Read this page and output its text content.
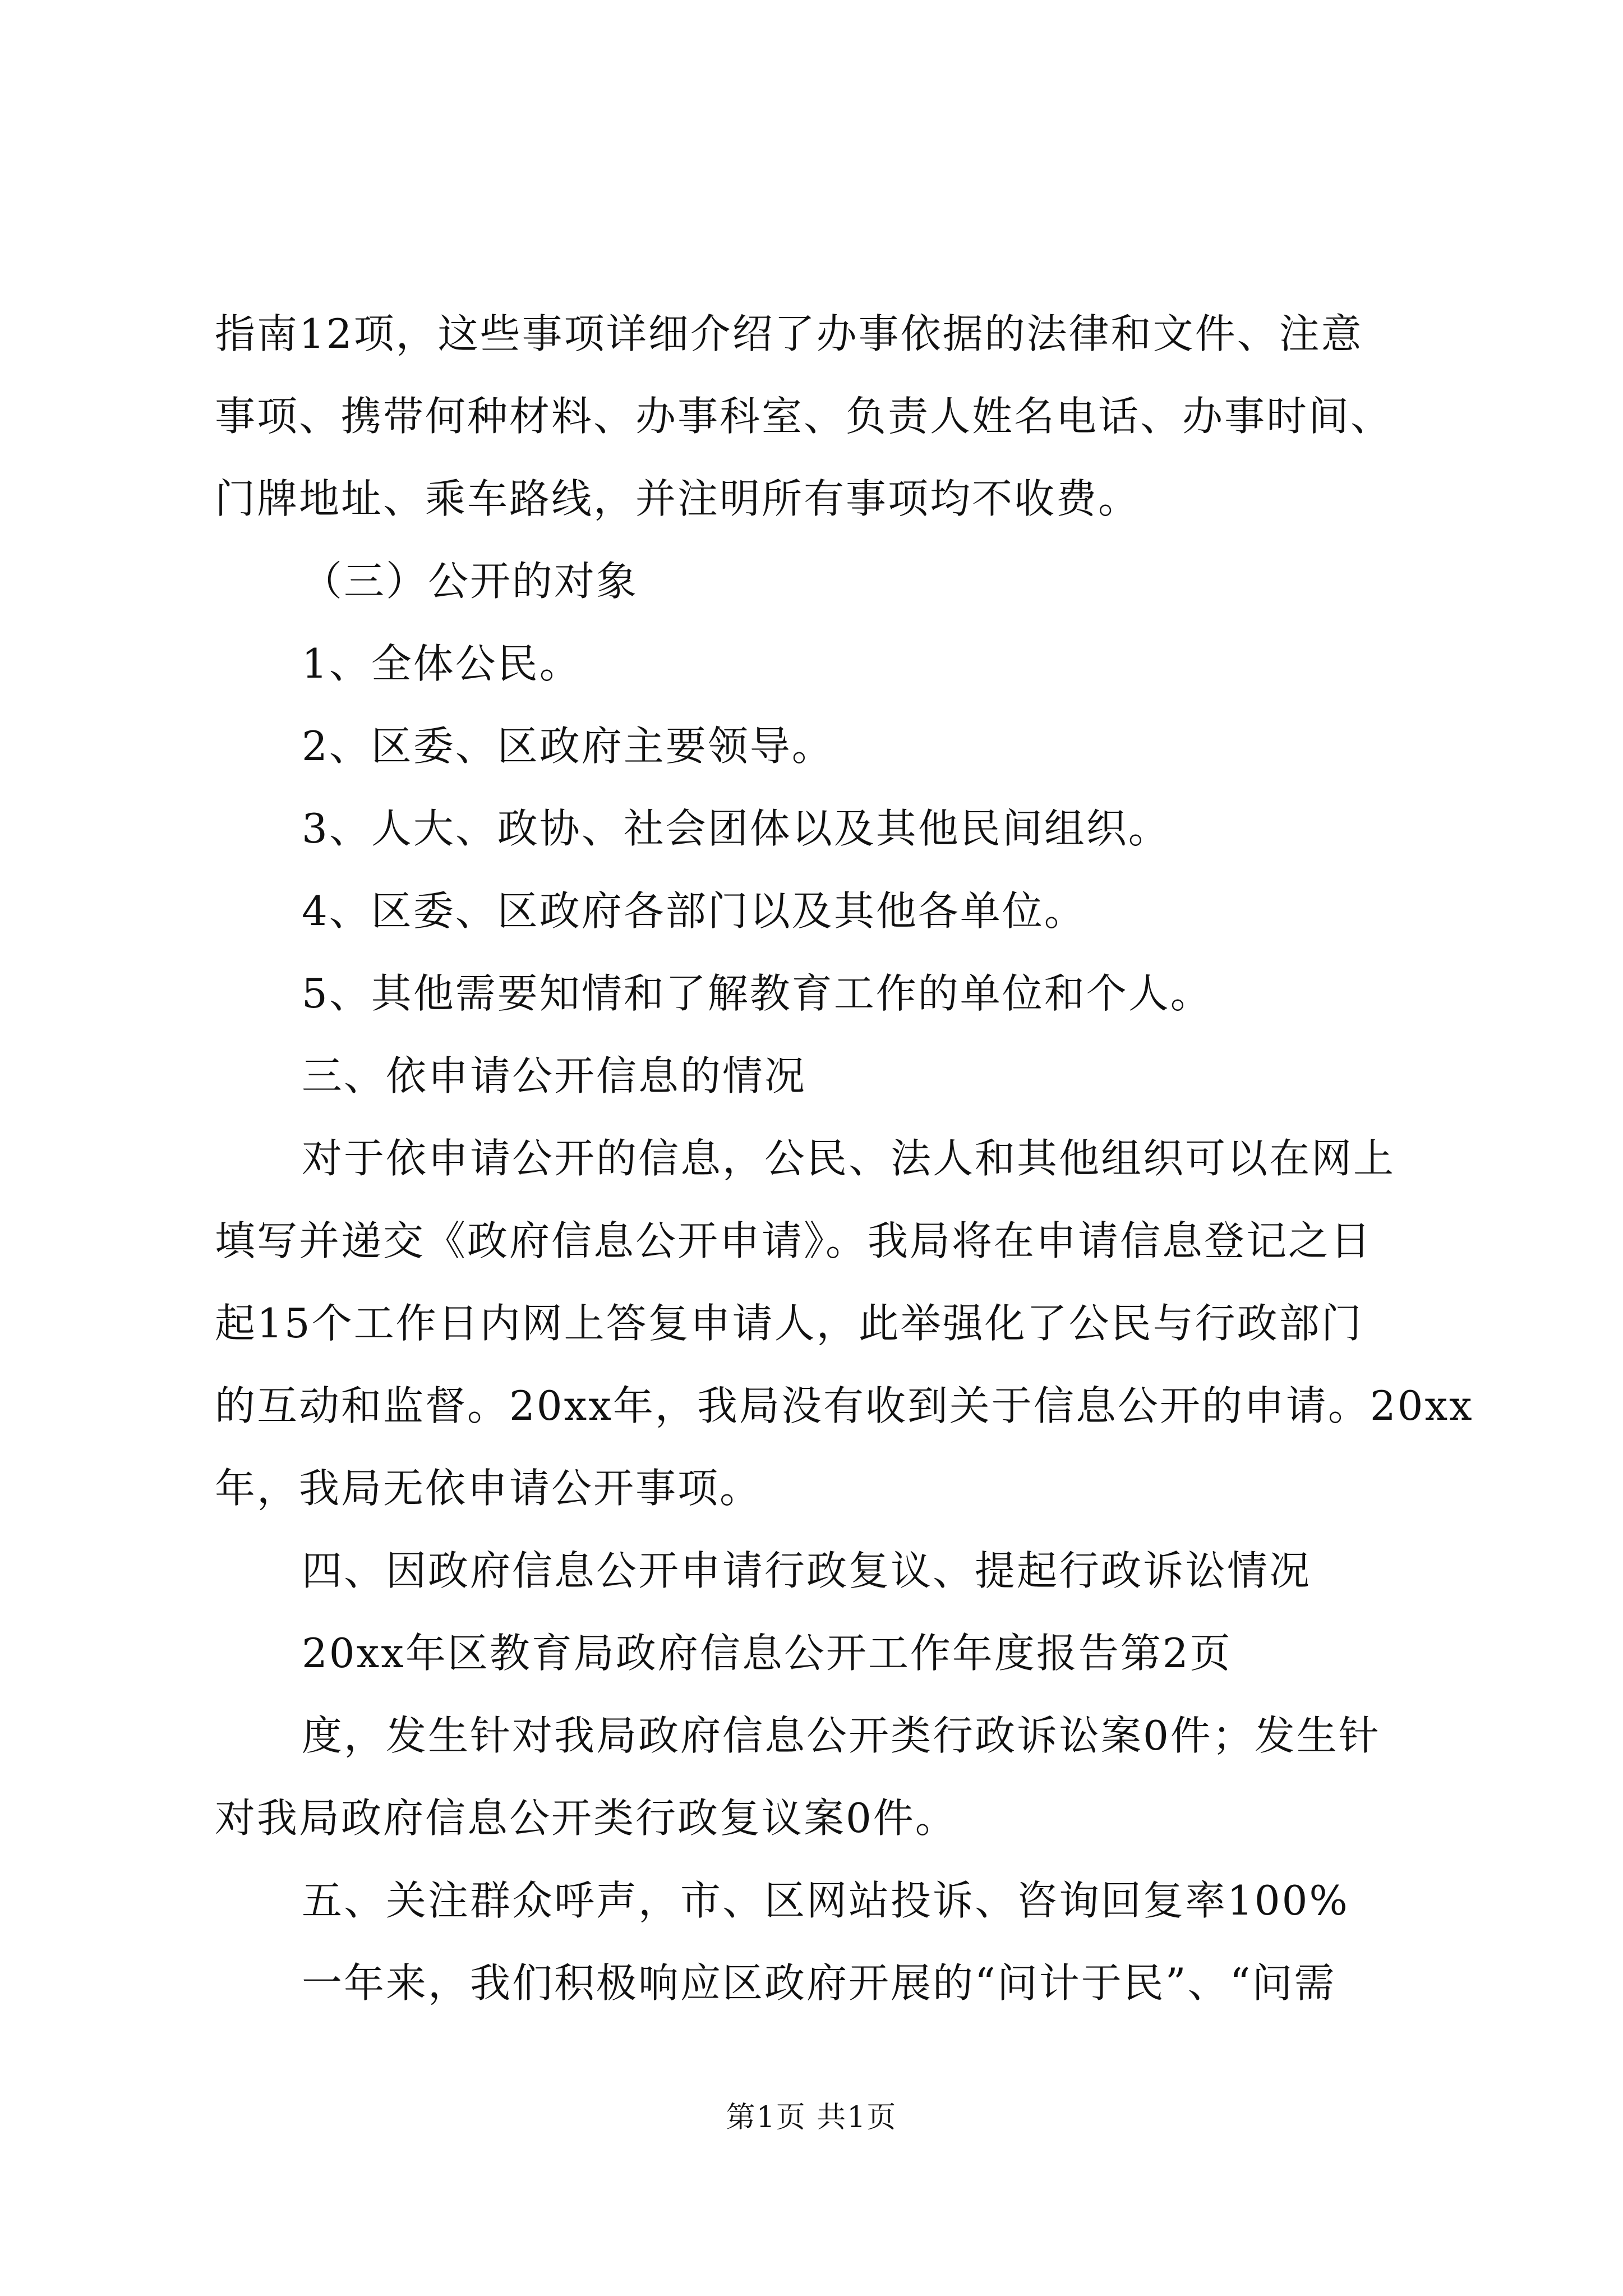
指南12项，这些事项详细介绍了办事依据的法律和文件、注意
事项、携带何种材料、办事科室、负责人姓名电话、办事时间、
门牌地址、乘车路线，并注明所有事项均不收费。
（三）公开的对象
1、全体公民。
2、区委、区政府主要领导。
3、人大、政协、社会团体以及其他民间组织。
4、区委、区政府各部门以及其他各单位。
5、其他需要知情和了解教育工作的单位和个人。
三、依申请公开信息的情况
对于依申请公开的信息，公民、法人和其他组织可以在网上
填写并递交《政府信息公开申请》。我局将在申请信息登记之日
起15个工作日内网上答复申请人，此举强化了公民与行政部门
的互动和监督。20xx年，我局没有收到关于信息公开的申请。20xx
年，我局无依申请公开事项。
四、因政府信息公开申请行政复议、提起行政诉讼情况
20xx年区教育局政府信息公开工作年度报告第2页
度，发生针对我局政府信息公开类行政诉讼案0件；发生针
对我局政府信息公开类行政复议案0件。
五、关注群众呼声，市、区网站投诉、咨询回复率100%
一年来，我们积极响应区政府开展的“问计于民”、“问需
第1页 共1页
